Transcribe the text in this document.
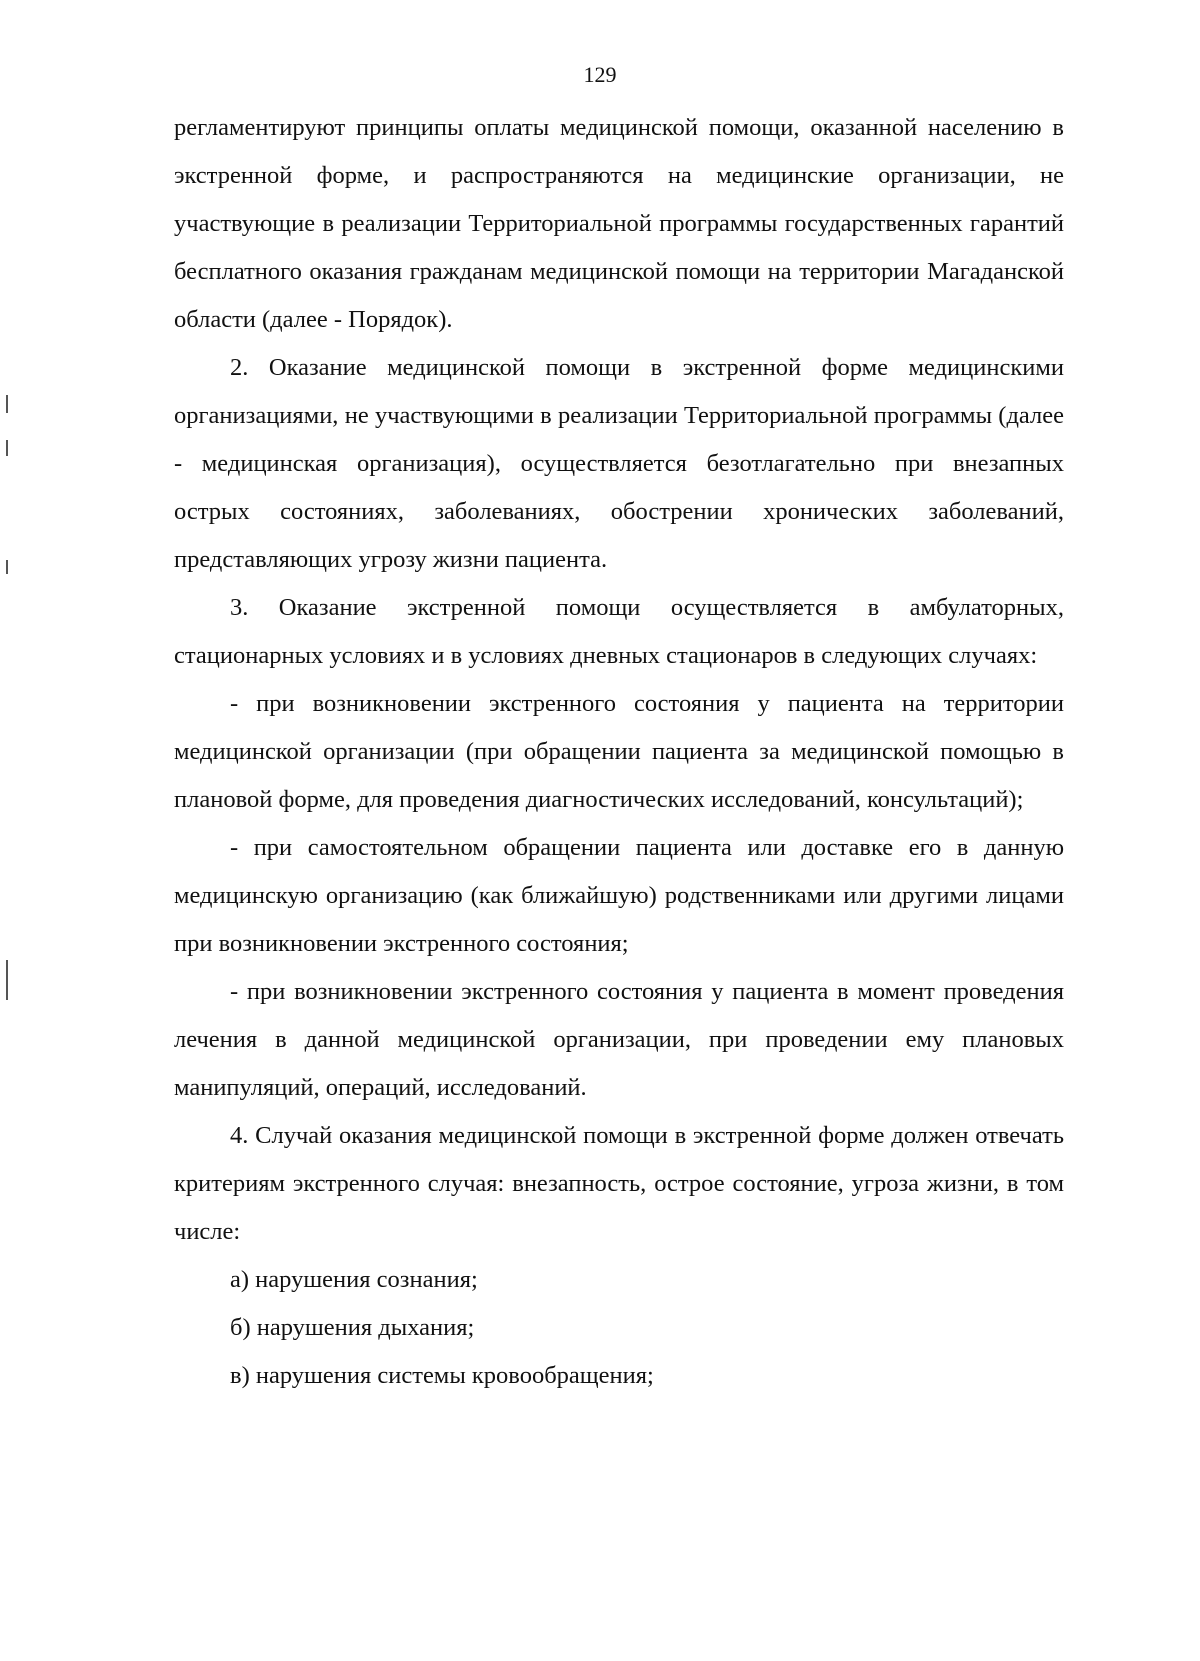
129

регламентируют принципы оплаты медицинской помощи, оказанной населению в экстренной форме, и распространяются на медицинские организации, не участвующие в реализации Территориальной программы государственных гарантий бесплатного оказания гражданам медицинской помощи на территории Магаданской области (далее - Порядок).

2. Оказание медицинской помощи в экстренной форме медицинскими организациями, не участвующими в реализации Территориальной программы (далее - медицинская организация), осуществляется безотлагательно при внезапных острых состояниях, заболеваниях, обострении хронических заболеваний, представляющих угрозу жизни пациента.

3. Оказание экстренной помощи осуществляется в амбулаторных, стационарных условиях и в условиях дневных стационаров в следующих случаях:

- при возникновении экстренного состояния у пациента на территории медицинской организации (при обращении пациента за медицинской помощью в плановой форме, для проведения диагностических исследований, консультаций);

- при самостоятельном обращении пациента или доставке его в данную медицинскую организацию (как ближайшую) родственниками или другими лицами при возникновении экстренного состояния;

- при возникновении экстренного состояния у пациента в момент проведения лечения в данной медицинской организации, при проведении ему плановых манипуляций, операций, исследований.

4. Случай оказания медицинской помощи в экстренной форме должен отвечать критериям экстренного случая: внезапность, острое состояние, угроза жизни, в том числе:

а) нарушения сознания;

б) нарушения дыхания;

в) нарушения системы кровообращения;
